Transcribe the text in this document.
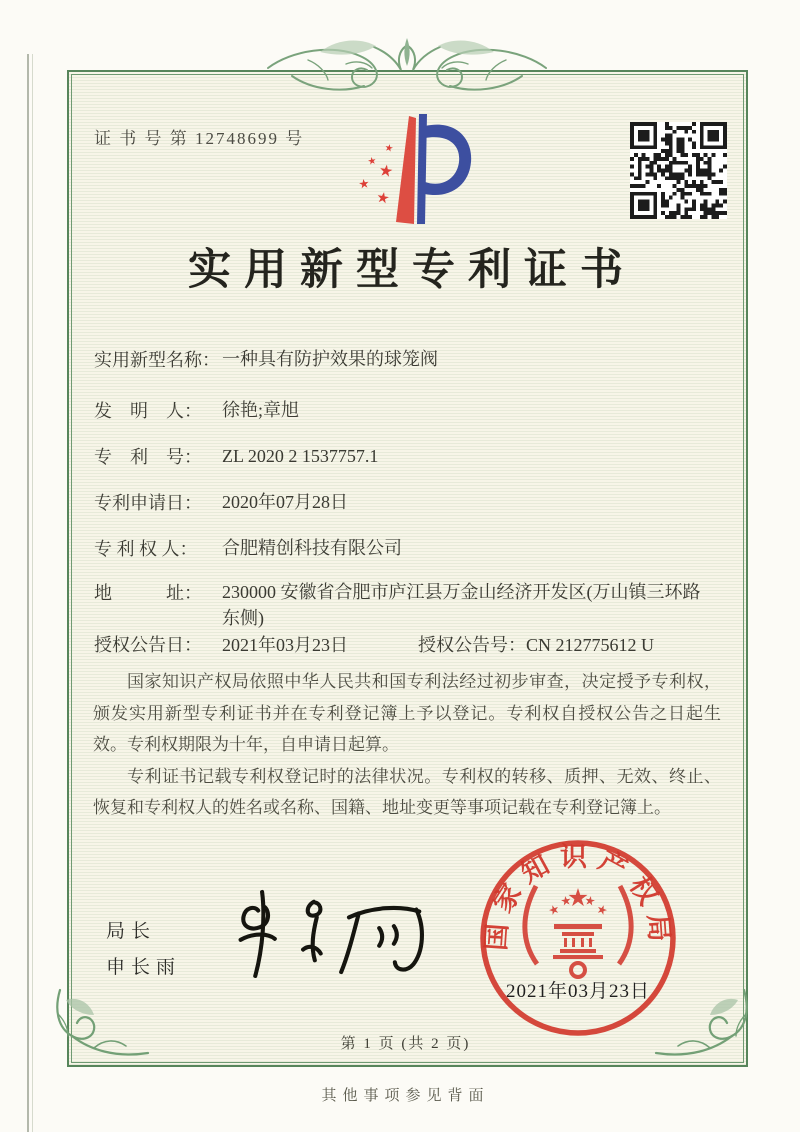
证 书 号 第 12748699 号
实用新型专利证书
实用新型名称： 一种具有防护效果的球笼阀
发　明　人： 徐艳;章旭
专　利　号： ZL 2020 2 1537757.1
专利申请日： 2020年07月28日
专 利 权 人： 合肥精创科技有限公司
地　　　址： 230000 安徽省合肥市庐江县万金山经济开发区(万山镇三环路东侧)
授权公告日： 2021年03月23日	授权公告号：CN 212775612 U

国家知识产权局依照中华人民共和国专利法经过初步审查，决定授予专利权，颁发实用新型专利证书并在专利登记簿上予以登记。专利权自授权公告之日起生效。专利权期限为十年，自申请日起算。

专利证书记载专利权登记时的法律状况。专利权的转移、质押、无效、终止、恢复和专利权人的姓名或名称、国籍、地址变更等事项记载在专利登记簿上。

局长
申长雨
国家知识产权局
2021年03月23日
第 1 页 (共 2 页)
其他事项参见背面
